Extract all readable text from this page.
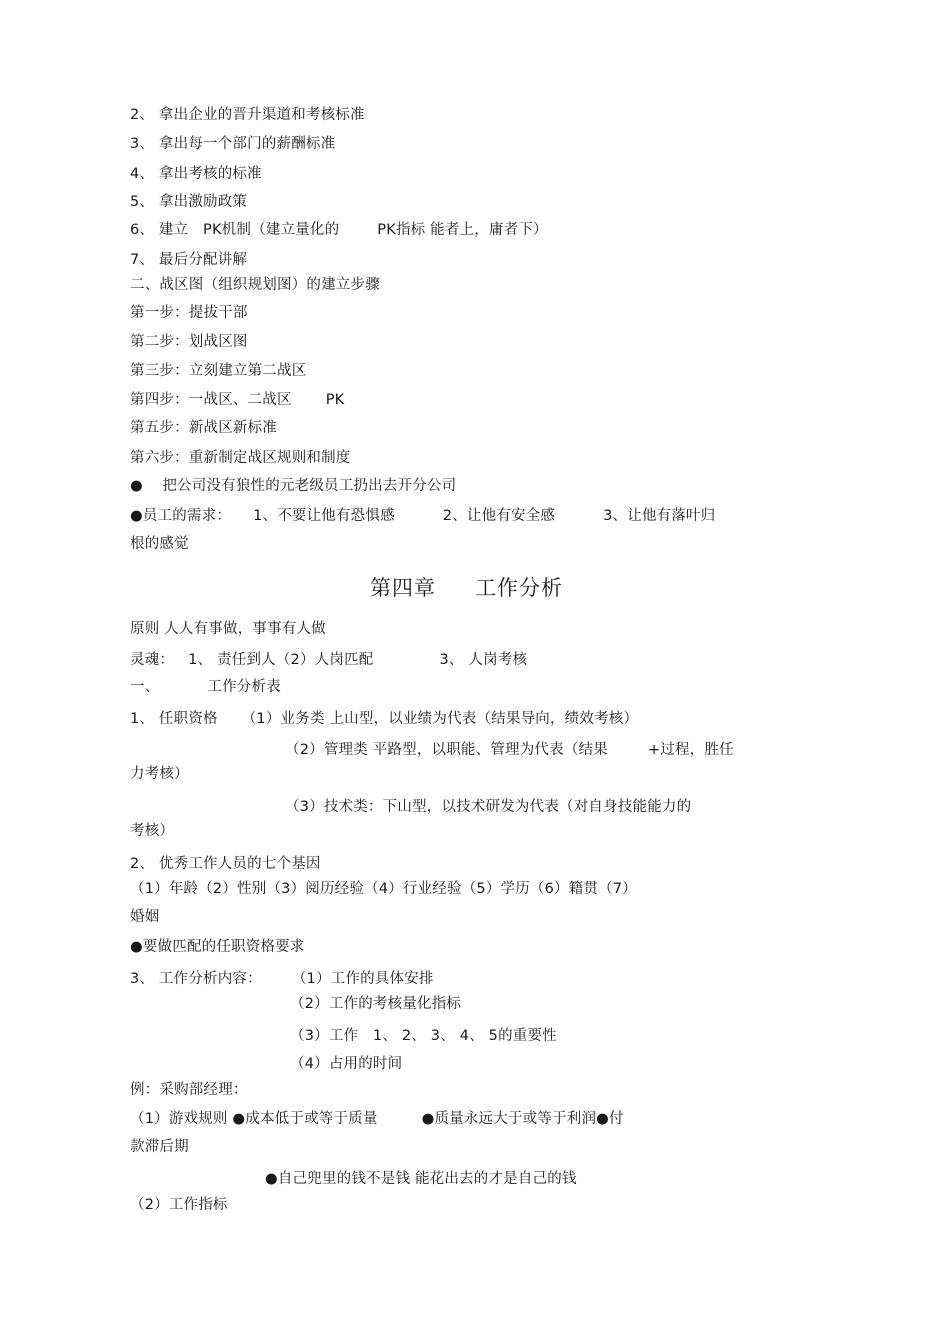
2、 拿出企业的晋升渠道和考核标准
3、 拿出每一个部门的薪酬标准
4、 拿出考核的标准
5、 拿出激励政策
6、 建立　PK机制（建立量化的	PK指标 能者上，庸者下）
7、 最后分配讲解
二、战区图（组织规划图）的建立步骤
第一步：提拔干部
第二步：划战区图
第三步：立刻建立第二战区
第四步：一战区、二战区 PK
第五步：新战区新标准
第六步：重新制定战区规则和制度
●　 把公司没有狼性的元老级员工扔出去开分公司
●员工的需求： 1、不要让他有恐惧感	2、让他有安全感	3、让他有落叶归
根的感觉
第四章 工作分析
原则 人人有事做，事事有人做
灵魂： 1、 责任到人（2）人岗匹配	3、 人岗考核
一、	工作分析表
1、 任职资格 （1）业务类 上山型，以业绩为代表（结果导向，绩效考核）
（2）管理类 平路型，以职能、管理为代表（结果	+过程，胜任
力考核）
（3）技术类：下山型，以技术研发为代表（对自身技能能力的
考核）
2、 优秀工作人员的七个基因
（1）年龄（2）性别（3）阅历经验（4）行业经验（5）学历（6）籍贯（7）
婚姻
●要做匹配的任职资格要求
3、 工作分析内容： （1）工作的具体安排
（2）工作的考核量化指标
（3）工作　1、 2、 3、 4、 5的重要性
（4）占用的时间
例：采购部经理：
（1）游戏规则 ●成本低于或等于质量	●质量永远大于或等于利润●付
款滞后期
●自己兜里的钱不是钱 能花出去的才是自己的钱
（2）工作指标
